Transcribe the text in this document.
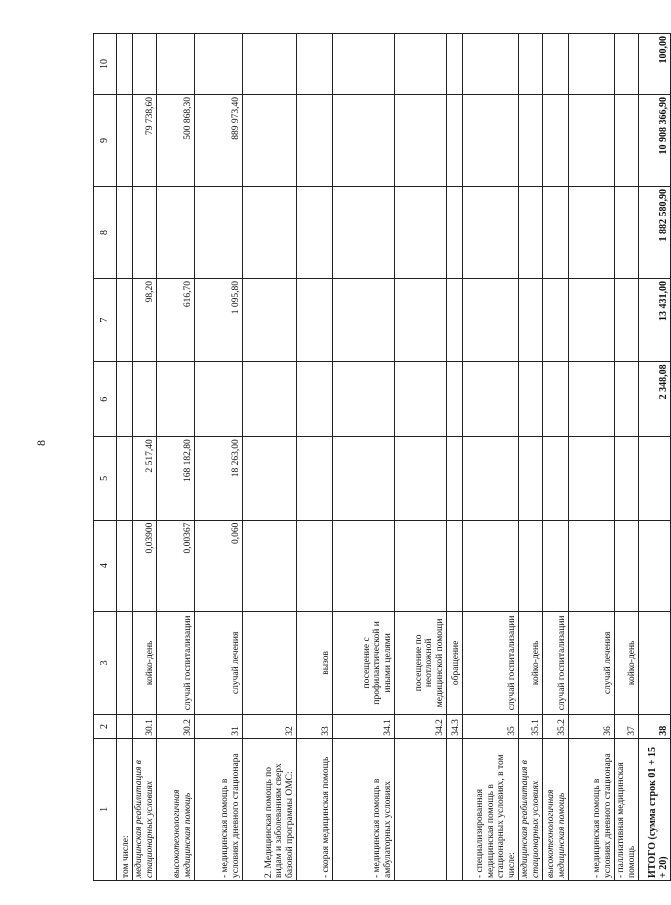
8
1	2	3	4	5	6	7	8	9	10
том числе:									
медицинская реабилитация в стационарных условиях	30.1	койко-день	0,03900	2 517,40		98,20		79 738,60	
высокотехнологичная медицинская помощь	30.2	случай госпитализации	0,00367	168 182,80		616,70		500 868,30	
- медицинская помощь в условиях дневного стационара	31	случай лечения	0,060	18 263,00		1 095,80		889 973,40	
2. Медицинская помощь по видам и заболеваниям сверх базовой программы ОМС:	32								
- скорая медицинская помощь	33	вызов							
- медицинская помощь в амбулаторных условиях	34.1	посещение с профилактической и иными целями							
	34.2	посещение по неотложной медицинской помощи							
	34.3	обращение							
- специализированная медицинская помощь в стационарных условиях, в том числе:	35	случай госпитализации							
медицинская реабилитация в стационарных условиях	35.1	койко-день							
высокотехнологичная медицинская помощь	35.2	случай госпитализации							
- медицинская помощь в условиях дневного стационара	36	случай лечения							
- паллиативная медицинская помощь	37	койко-день							
ИТОГО (сумма строк 01 + 15 + 20)	38				2 348,08	13 431,00	1 882 580,90	10 908 366,90	100,00
